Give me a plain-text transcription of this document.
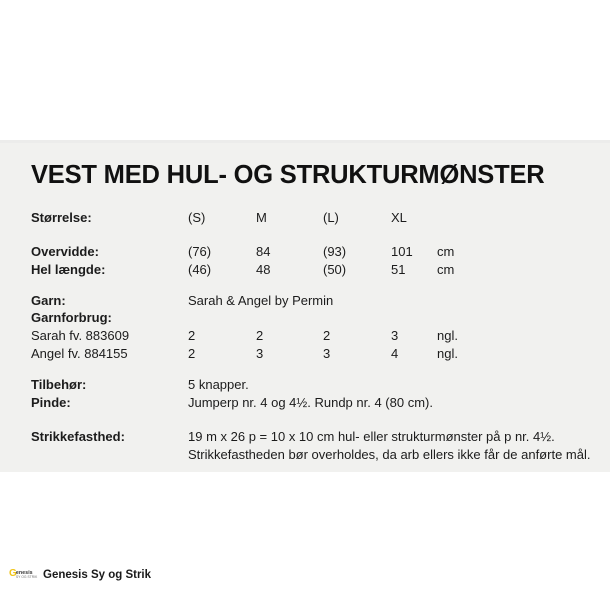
VEST MED HUL- OG STRUKTURMØNSTER
Størrelse:	(S)	M	(L)	XL
Overvidde:	(76)	84	(93)	101 cm
Hel længde:	(46)	48	(50)	51 cm
Garn:	Sarah & Angel by Permin
Garnforbrug:
Sarah fv. 883609	2	2	2	3	ngl.
Angel fv. 884155	2	3	3	4	ngl.
Tilbehør:	5 knapper.
Pinde:	Jumperp nr. 4 og 4½. Rundp nr. 4 (80 cm).
Strikkefasthed:	19 m x 26 p = 10 x 10 cm hul- eller strukturmønster på p nr. 4½.
Strikkefastheden bør overholdes, da arb ellers ikke får de anførte mål.
G enesis
SY OG STRIK Genesis Sy og Strik
